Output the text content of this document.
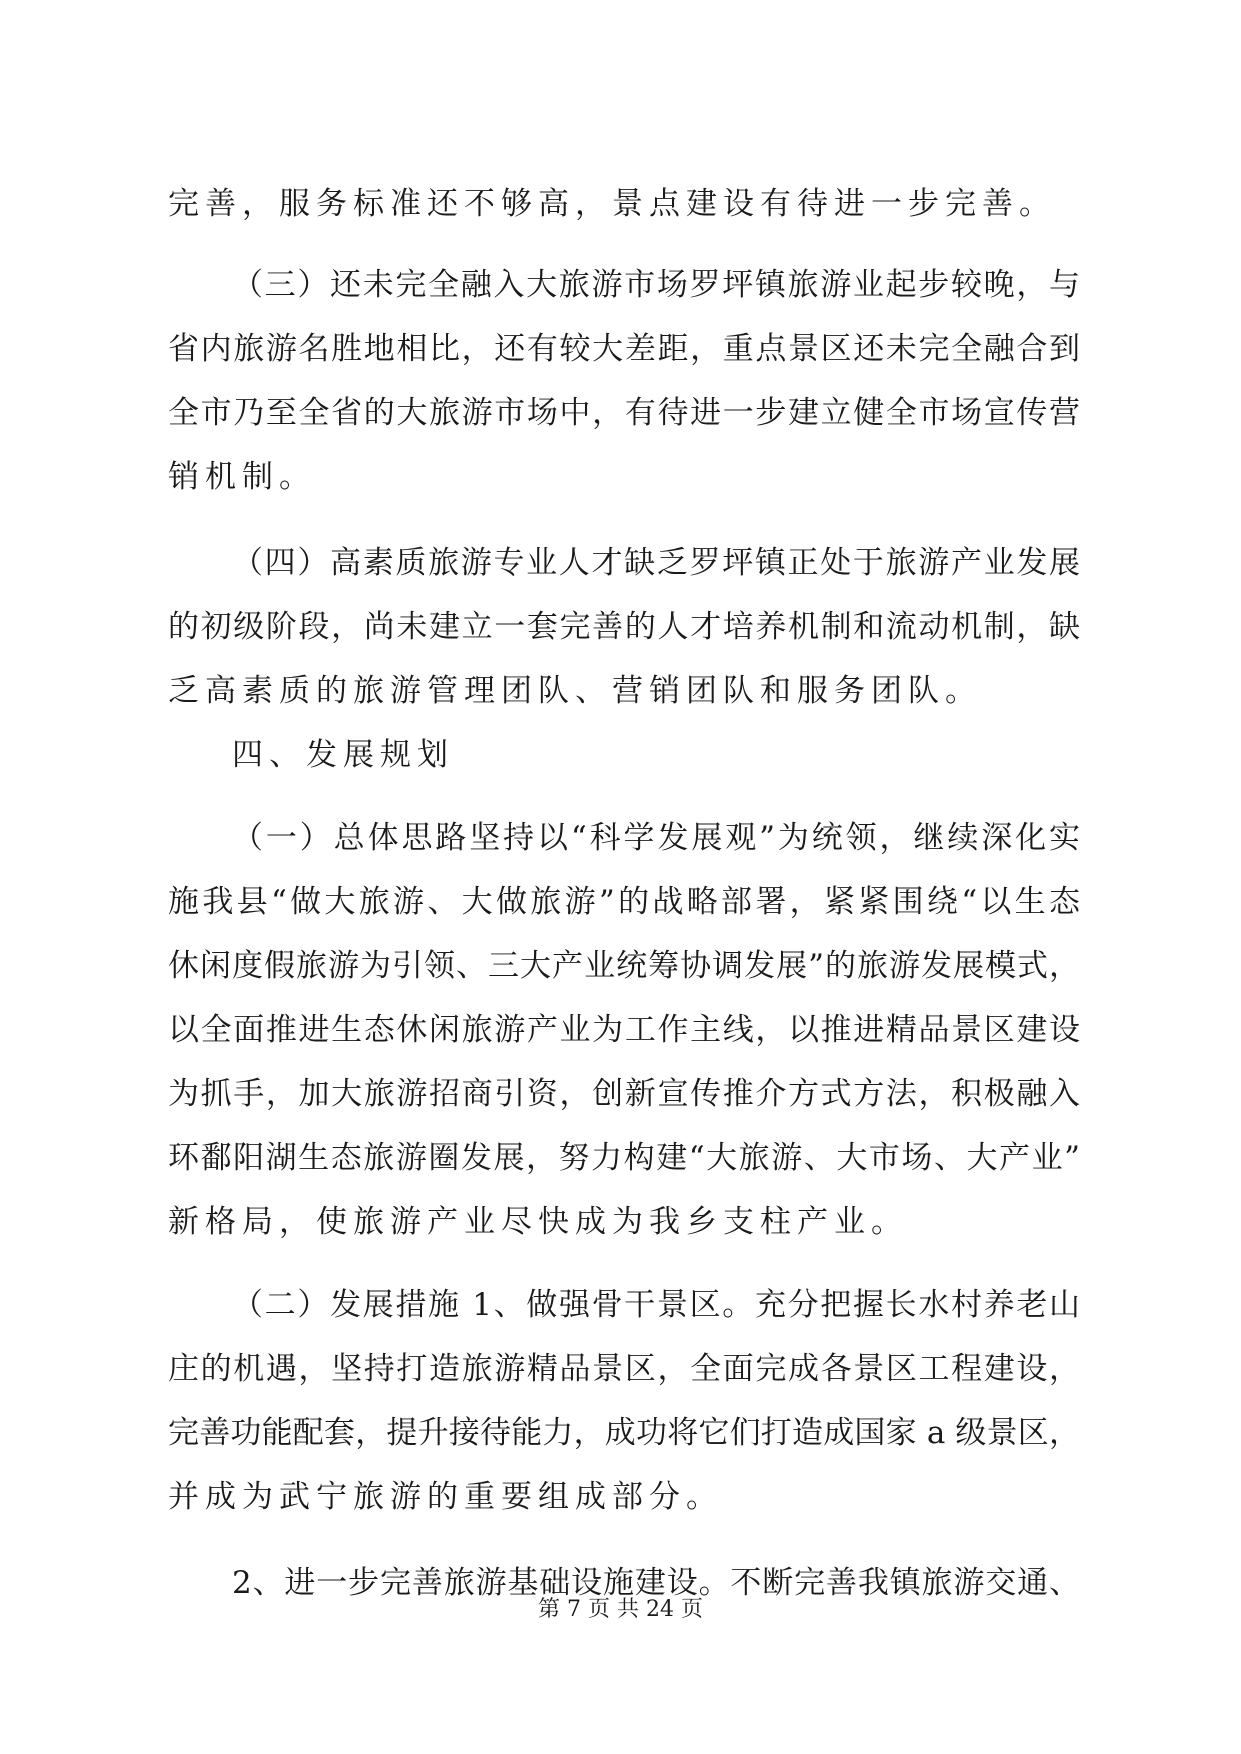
完善，服务标准还不够高，景点建设有待进一步完善。
（三）还未完全融入大旅游市场罗坪镇旅游业起步较晚，与
省内旅游名胜地相比，还有较大差距，重点景区还未完全融合到
全市乃至全省的大旅游市场中，有待进一步建立健全市场宣传营
销机制。
（四）高素质旅游专业人才缺乏罗坪镇正处于旅游产业发展
的初级阶段，尚未建立一套完善的人才培养机制和流动机制，缺
乏高素质的旅游管理团队、营销团队和服务团队。
四、发展规划
（一）总体思路坚持以“科学发展观”为统领，继续深化实
施我县“做大旅游、大做旅游”的战略部署，紧紧围绕“以生态
休闲度假旅游为引领、三大产业统筹协调发展”的旅游发展模式，
以全面推进生态休闲旅游产业为工作主线，以推进精品景区建设
为抓手，加大旅游招商引资，创新宣传推介方式方法，积极融入
环鄱阳湖生态旅游圈发展，努力构建“大旅游、大市场、大产业”
新格局，使旅游产业尽快成为我乡支柱产业。
（二）发展措施 1、做强骨干景区。充分把握长水村养老山
庄的机遇，坚持打造旅游精品景区，全面完成各景区工程建设，
完善功能配套，提升接待能力，成功将它们打造成国家 a 级景区，
并成为武宁旅游的重要组成部分。
2、进一步完善旅游基础设施建设。不断完善我镇旅游交通、
第 7 页 共 24 页
